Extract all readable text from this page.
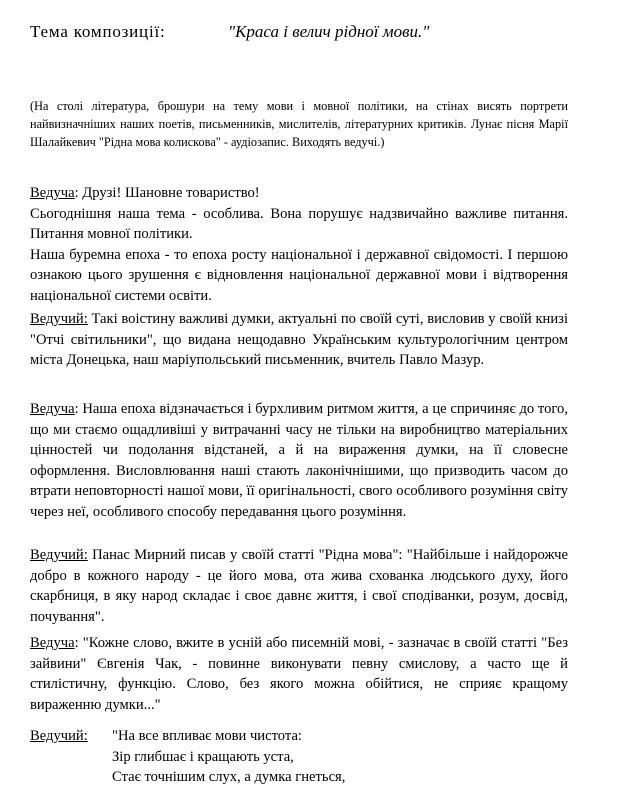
Тема композиції:	"Краса і велич рідної мови."
(На столі література, брошури на тему мови і мовної політики, на стінах висять портрети найвизначніших наших поетів, письменників, мислителів, літературних критиків. Лунає пісня Марії Шалайкевич "Рідна мова колискова" - аудіозапис. Виходять ведучі.)

Ведуча: Друзі! Шановне товариство!

Сьогоднішня наша тема - особлива. Вона порушує надзвичайно важливе питання. Питання мовної політики.

Наша буремна епоха - то епоха росту національної і державної свідомості. І першою ознакою цього зрушення є відновлення національної державної мови і відтворення національної системи освіти.

Ведучий: Такі воістину важливі думки, актуальні по своїй суті, висловив у своїй книзі "Отчі світильники", що видана нещодавно Українським культурологічним центром міста Донецька, наш маріупольський письменник, вчитель Павло Мазур.

Ведуча: Наша епоха відзначається і бурхливим ритмом життя, а це спричиняє до того, що ми стаємо ощадливіші у витрачанні часу не тільки на виробництво матеріальних цінностей чи подолання відстаней, а й на вираження думки, на її словесне оформлення. Висловлювання наші стають лаконічнішими, що призводить часом до втрати неповторності нашої мови, її оригінальності, свого особливого розуміння світу через неї, особливого способу передавання цього розуміння.

Ведучий: Панас Мирний писав у своїй статті "Рідна мова": "Найбільше і найдорожче добро в кожного народу - це його мова, ота жива схованка людського духу, його скарбниця, в яку народ складає і своє давнє життя, і свої сподіванки, розум, досвід, почування".

Ведуча: "Кожне слово, вжите в усній або писемній мові, - зазначає в своїй статті "Без зайвини" Євгенія Чак, - повинне виконувати певну смислову, а часто ще й стилістичну, функцію. Слово, без якого можна обійтися, не сприяє кращому вираженню думки..."

Ведучий:	"На все впливає мови чистота:
Зір глибшає і кращають уста,
Стає точнішим слух, а думка гнеться,
